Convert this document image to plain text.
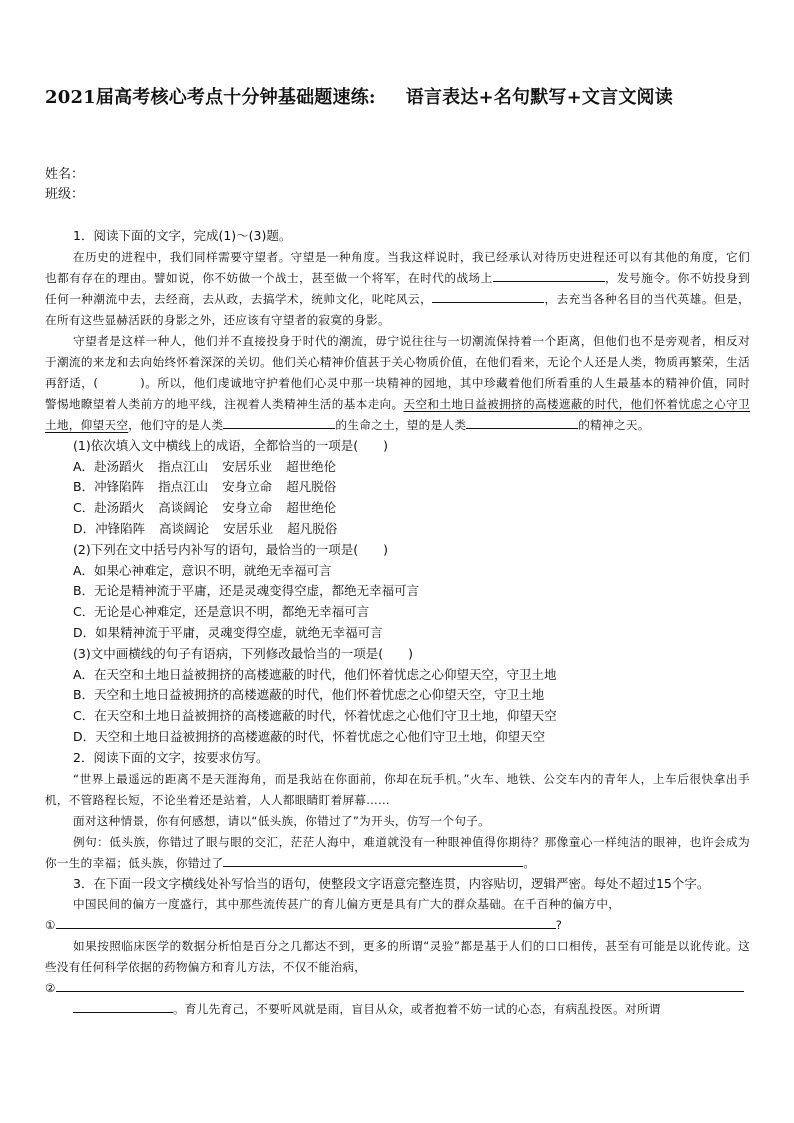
2021届高考核心考点十分钟基础题速练: 语言表达+名句默写+文言文阅读
姓名：
班级：

1．阅读下面的文字，完成(1)～(3)题。

在历史的进程中，我们同样需要守望者。守望是一种角度。当我这样说时，我已经承认对待历史进程还可以有其他的角度，它们也都有存在的理由。譬如说，你不妨做一个战士，甚至做一个将军，在时代的战场上	，发号施令。你不妨投身到任何一种潮流中去，去经商，去从政，去搞学术，统帅文化，叱咤风云，	，去充当各种名目的当代英雄。但是，在所有这些显赫活跃的身影之外，还应该有守望者的寂寞的身影。

守望者是这样一种人，他们并不直接投身于时代的潮流，毋宁说往往与一切潮流保持着一个距离，但他们也不是旁观者，相反对于潮流的来龙和去向始终怀着深深的关切。他们关心精神价值甚于关心物质价值，在他们看来，无论个人还是人类，物质再繁荣，生活再舒适，(	)。所以，他们虔诚地守护着他们心灵中那一块精神的园地，其中珍藏着他们所看重的人生最基本的精神价值，同时警惕地瞭望着人类前方的地平线，注视着人类精神生活的基本走向。天空和土地日益被拥挤的高楼遮蔽的时代，他们怀着忧虑之心守卫土地，仰望天空，他们守的是人类	的生命之土，望的是人类	的精神之天。

(1)依次填入文中横线上的成语，全都恰当的一项是(　　)

A．赴汤蹈火 指点江山 安居乐业 超世绝伦

B．冲锋陷阵 指点江山 安身立命 超凡脱俗

C．赴汤蹈火 高谈阔论 安身立命 超世绝伦

D．冲锋陷阵 高谈阔论 安居乐业 超凡脱俗

(2)下列在文中括号内补写的语句，最恰当的一项是(　　)

A．如果心神难定，意识不明，就绝无幸福可言

B．无论是精神流于平庸，还是灵魂变得空虚，都绝无幸福可言

C．无论是心神难定，还是意识不明，都绝无幸福可言

D．如果精神流于平庸，灵魂变得空虚，就绝无幸福可言

(3)文中画横线的句子有语病，下列修改最恰当的一项是(　　)

A．在天空和土地日益被拥挤的高楼遮蔽的时代，他们怀着忧虑之心仰望天空，守卫土地

B．天空和土地日益被拥挤的高楼遮蔽的时代，他们怀着忧虑之心仰望天空，守卫土地

C．在天空和土地日益被拥挤的高楼遮蔽的时代，怀着忧虑之心他们守卫土地，仰望天空

D．天空和土地日益被拥挤的高楼遮蔽的时代，怀着忧虑之心他们守卫土地，仰望天空

2．阅读下面的文字，按要求仿写。

“世界上最遥远的距离不是天涯海角，而是我站在你面前，你却在玩手机。”火车、地铁、公交车内的青年人，上车后很快拿出手机，不管路程长短，不论坐着还是站着，人人都眼睛盯着屏幕……

面对这种情景，你有何感想，请以“低头族，你错过了”为开头，仿写一个句子。

例句：低头族，你错过了眼与眼的交汇，茫茫人海中，难道就没有一种眼神值得你期待？那像童心一样纯洁的眼神，也许会成为你一生的幸福；低头族，你错过了	。

3．在下面一段文字横线处补写恰当的语句，使整段文字语意完整连贯，内容贴切，逻辑严密。每处不超过15个字。

中国民间的偏方一度盛行，其中那些流传甚广的育儿偏方更是具有广大的群众基础。在千百种的偏方中，

①	?

如果按照临床医学的数据分析怕是百分之几都达不到，更多的所谓“灵验”都是基于人们的口口相传，甚至有可能是以讹传讹。这些没有任何科学依据的药物偏方和育儿方法，不仅不能治病，

②

。育儿先育己，不要听风就是雨，盲目从众，或者抱着不妨一试的心态，有病乱投医。对所谓
